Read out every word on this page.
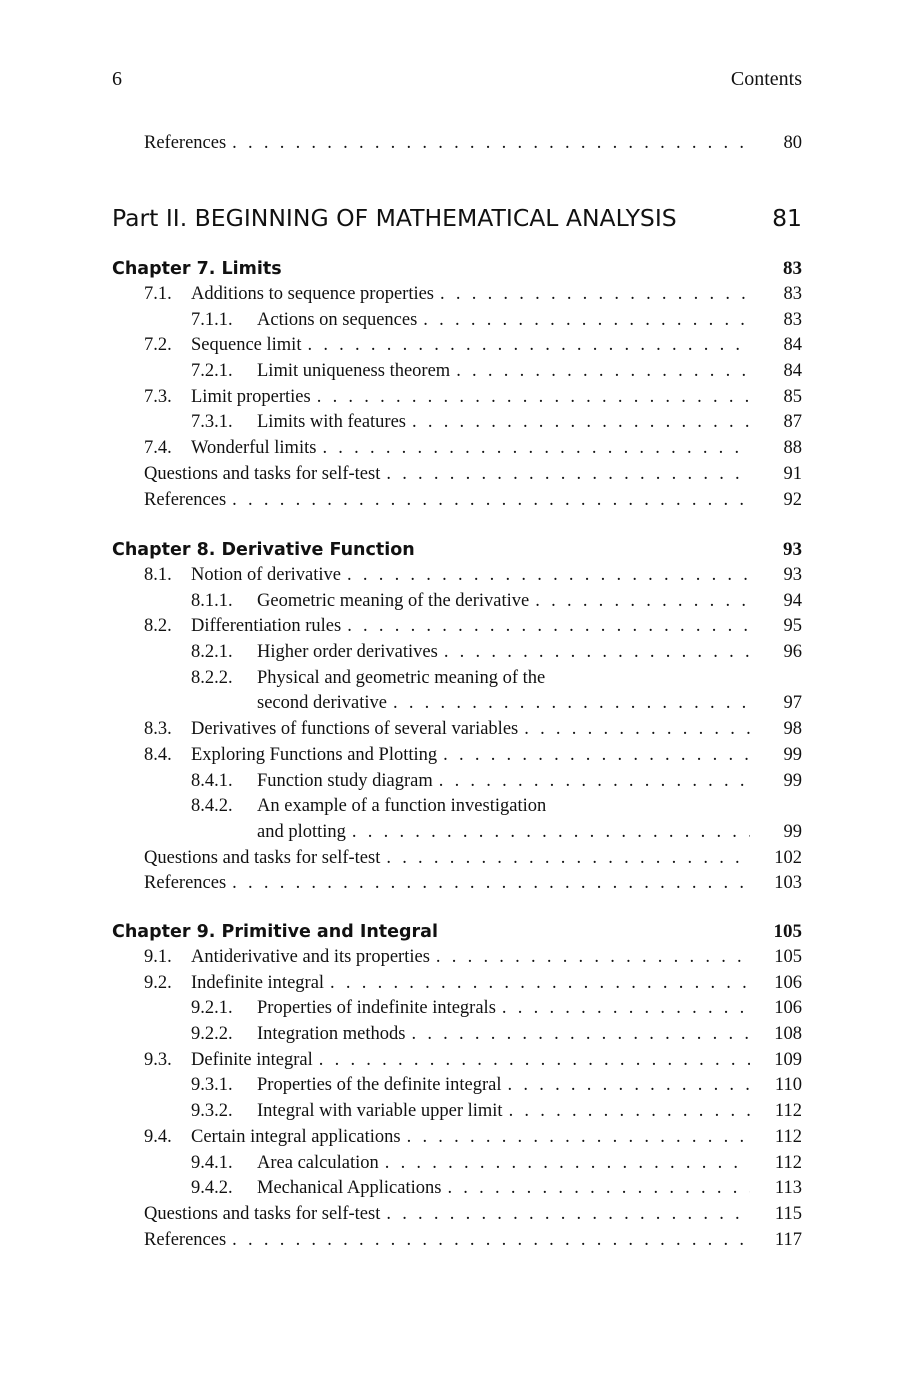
6	Contents
References . . .	80
Part II. BEGINNING OF MATHEMATICAL ANALYSIS	81
Chapter 7. Limits	83
7.1. Additions to sequence properties . . .	83
7.1.1. Actions on sequences . . .	83
7.2. Sequence limit . . .	84
7.2.1. Limit uniqueness theorem . . .	84
7.3. Limit properties . . .	85
7.3.1. Limits with features . . .	87
7.4. Wonderful limits . . .	88
Questions and tasks for self-test . . .	91
References . . .	92
Chapter 8. Derivative Function	93
8.1. Notion of derivative . . .	93
8.1.1. Geometric meaning of the derivative . . .	94
8.2. Differentiation rules . . .	95
8.2.1. Higher order derivatives . . .	96
8.2.2. Physical and geometric meaning of the
second derivative . . .	97
8.3. Derivatives of functions of several variables . . .	98
8.4. Exploring Functions and Plotting . . .	99
8.4.1. Function study diagram . . .	99
8.4.2. An example of a function investigation
and plotting . . .	99
Questions and tasks for self-test . . .	102
References . . .	103
Chapter 9. Primitive and Integral	105
9.1. Antiderivative and its properties . . .	105
9.2. Indefinite integral . . .	106
9.2.1. Properties of indefinite integrals . . .	106
9.2.2. Integration methods . . .	108
9.3. Definite integral . . .	109
9.3.1. Properties of the definite integral . . .	110
9.3.2. Integral with variable upper limit . . .	112
9.4. Certain integral applications . . .	112
9.4.1. Area calculation . . .	112
9.4.2. Mechanical Applications . . .	113
Questions and tasks for self-test . . .	115
References . . .	117
